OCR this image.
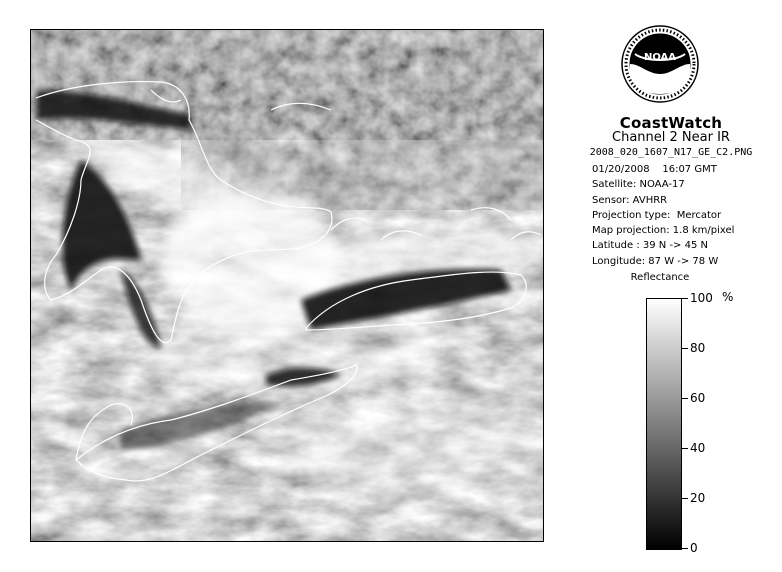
NOAA
CoastWatch
Channel 2 Near IR
2008_020_1607_N17_GE_C2.PNG
01/20/2008    16:07 GMT
Satellite: NOAA-17
Sensor: AVHRR
Projection type:  Mercator
Map projection: 1.8 km/pixel
Latitude : 39 N -> 45 N
Longitude: 87 W -> 78 W
Reflectance
%
100
80
60
40
20
0
